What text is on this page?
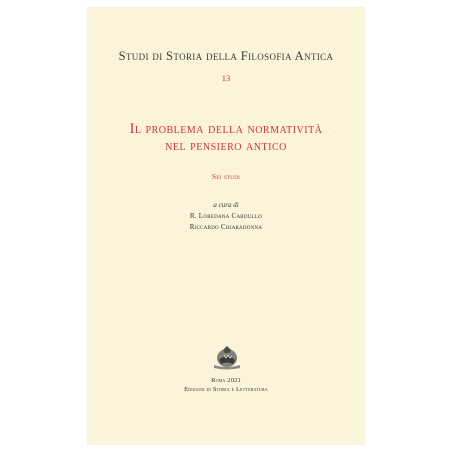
Studi di Storia della Filosofia Antica
13
Il problema della normatività
nel pensiero antico
Sei studi
a cura di
R. Loredana Cardullo
Riccardo Chiaradonna
Roma 2021
Edizioni di Storia e Letteratura
